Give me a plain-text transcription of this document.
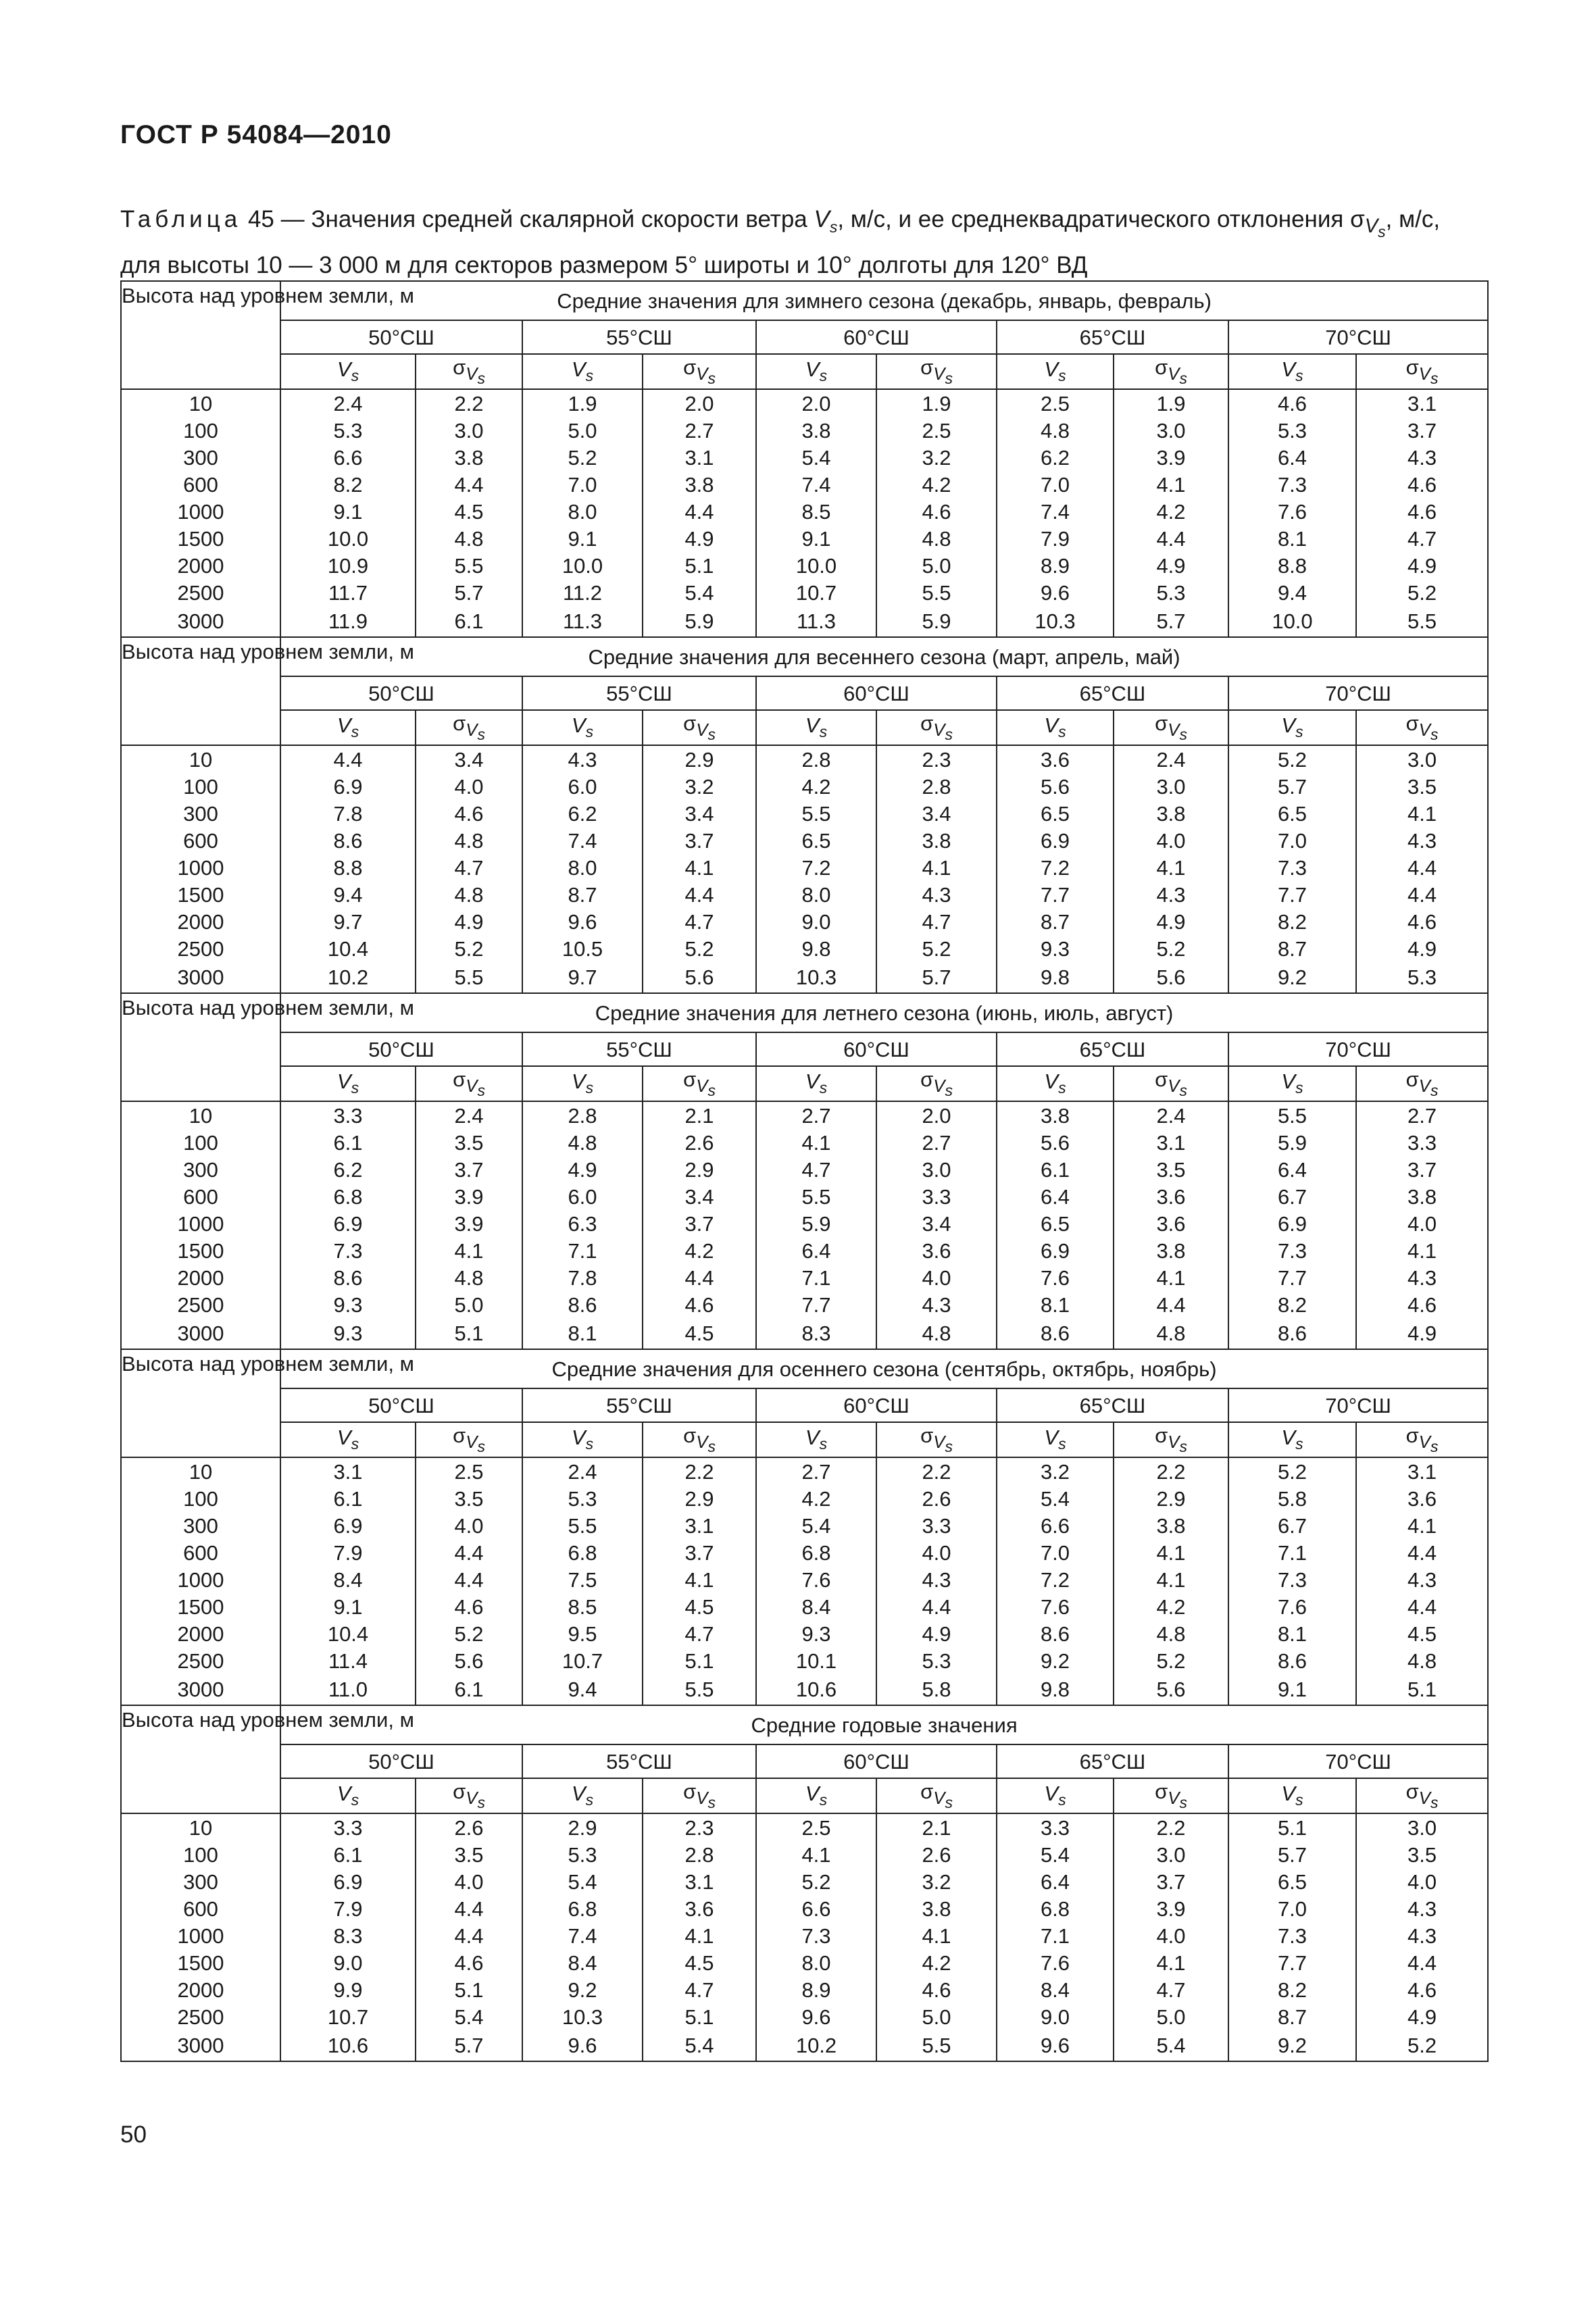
ГОСТ Р 54084—2010
Таблица 45 — Значения средней скалярной скорости ветра $V_s$, м/с, и ее среднеквадратического отклонения $\sigma_{V_s}$, м/с, для высоты 10 — 3 000 м для секторов размером 5° широты и 10° долготы для 120° ВД
Высота над уровнем земли, м	Средние значения для зимнего сезона (декабрь, январь, февраль)									
	50°СШ		55°СШ		60°СШ		65°СШ		70°СШ	
	$V_s$	$\sigma_{V_s}$	$V_s$	$\sigma_{V_s}$	$V_s$	$\sigma_{V_s}$	$V_s$	$\sigma_{V_s}$	$V_s$	$\sigma_{V_s}$
10	2.4	2.2	1.9	2.0	2.0	1.9	2.5	1.9	4.6	3.1
100	5.3	3.0	5.0	2.7	3.8	2.5	4.8	3.0	5.3	3.7
300	6.6	3.8	5.2	3.1	5.4	3.2	6.2	3.9	6.4	4.3
600	8.2	4.4	7.0	3.8	7.4	4.2	7.0	4.1	7.3	4.6
1000	9.1	4.5	8.0	4.4	8.5	4.6	7.4	4.2	7.6	4.6
1500	10.0	4.8	9.1	4.9	9.1	4.8	7.9	4.4	8.1	4.7
2000	10.9	5.5	10.0	5.1	10.0	5.0	8.9	4.9	8.8	4.9
2500	11.7	5.7	11.2	5.4	10.7	5.5	9.6	5.3	9.4	5.2
3000	11.9	6.1	11.3	5.9	11.3	5.9	10.3	5.7	10.0	5.5
Высота над уровнем земли, м	Средние значения для весеннего сезона (март, апрель, май)									
	50°СШ		55°СШ		60°СШ		65°СШ		70°СШ	
	$V_s$	$\sigma_{V_s}$	$V_s$	$\sigma_{V_s}$	$V_s$	$\sigma_{V_s}$	$V_s$	$\sigma_{V_s}$	$V_s$	$\sigma_{V_s}$
10	4.4	3.4	4.3	2.9	2.8	2.3	3.6	2.4	5.2	3.0
100	6.9	4.0	6.0	3.2	4.2	2.8	5.6	3.0	5.7	3.5
300	7.8	4.6	6.2	3.4	5.5	3.4	6.5	3.8	6.5	4.1
600	8.6	4.8	7.4	3.7	6.5	3.8	6.9	4.0	7.0	4.3
1000	8.8	4.7	8.0	4.1	7.2	4.1	7.2	4.1	7.3	4.4
1500	9.4	4.8	8.7	4.4	8.0	4.3	7.7	4.3	7.7	4.4
2000	9.7	4.9	9.6	4.7	9.0	4.7	8.7	4.9	8.2	4.6
2500	10.4	5.2	10.5	5.2	9.8	5.2	9.3	5.2	8.7	4.9
3000	10.2	5.5	9.7	5.6	10.3	5.7	9.8	5.6	9.2	5.3
Высота над уровнем земли, м	Средние значения для летнего сезона (июнь, июль, август)									
	50°СШ		55°СШ		60°СШ		65°СШ		70°СШ	
	$V_s$	$\sigma_{V_s}$	$V_s$	$\sigma_{V_s}$	$V_s$	$\sigma_{V_s}$	$V_s$	$\sigma_{V_s}$	$V_s$	$\sigma_{V_s}$
10	3.3	2.4	2.8	2.1	2.7	2.0	3.8	2.4	5.5	2.7
100	6.1	3.5	4.8	2.6	4.1	2.7	5.6	3.1	5.9	3.3
300	6.2	3.7	4.9	2.9	4.7	3.0	6.1	3.5	6.4	3.7
600	6.8	3.9	6.0	3.4	5.5	3.3	6.4	3.6	6.7	3.8
1000	6.9	3.9	6.3	3.7	5.9	3.4	6.5	3.6	6.9	4.0
1500	7.3	4.1	7.1	4.2	6.4	3.6	6.9	3.8	7.3	4.1
2000	8.6	4.8	7.8	4.4	7.1	4.0	7.6	4.1	7.7	4.3
2500	9.3	5.0	8.6	4.6	7.7	4.3	8.1	4.4	8.2	4.6
3000	9.3	5.1	8.1	4.5	8.3	4.8	8.6	4.8	8.6	4.9
Высота над уровнем земли, м	Средние значения для осеннего сезона (сентябрь, октябрь, ноябрь)									
	50°СШ		55°СШ		60°СШ		65°СШ		70°СШ	
	$V_s$	$\sigma_{V_s}$	$V_s$	$\sigma_{V_s}$	$V_s$	$\sigma_{V_s}$	$V_s$	$\sigma_{V_s}$	$V_s$	$\sigma_{V_s}$
10	3.1	2.5	2.4	2.2	2.7	2.2	3.2	2.2	5.2	3.1
100	6.1	3.5	5.3	2.9	4.2	2.6	5.4	2.9	5.8	3.6
300	6.9	4.0	5.5	3.1	5.4	3.3	6.6	3.8	6.7	4.1
600	7.9	4.4	6.8	3.7	6.8	4.0	7.0	4.1	7.1	4.4
1000	8.4	4.4	7.5	4.1	7.6	4.3	7.2	4.1	7.3	4.3
1500	9.1	4.6	8.5	4.5	8.4	4.4	7.6	4.2	7.6	4.4
2000	10.4	5.2	9.5	4.7	9.3	4.9	8.6	4.8	8.1	4.5
2500	11.4	5.6	10.7	5.1	10.1	5.3	9.2	5.2	8.6	4.8
3000	11.0	6.1	9.4	5.5	10.6	5.8	9.8	5.6	9.1	5.1
Высота над уровнем земли, м	Средние годовые значения									
	50°СШ		55°СШ		60°СШ		65°СШ		70°СШ	
	$V_s$	$\sigma_{V_s}$	$V_s$	$\sigma_{V_s}$	$V_s$	$\sigma_{V_s}$	$V_s$	$\sigma_{V_s}$	$V_s$	$\sigma_{V_s}$
10	3.3	2.6	2.9	2.3	2.5	2.1	3.3	2.2	5.1	3.0
100	6.1	3.5	5.3	2.8	4.1	2.6	5.4	3.0	5.7	3.5
300	6.9	4.0	5.4	3.1	5.2	3.2	6.4	3.7	6.5	4.0
600	7.9	4.4	6.8	3.6	6.6	3.8	6.8	3.9	7.0	4.3
1000	8.3	4.4	7.4	4.1	7.3	4.1	7.1	4.0	7.3	4.3
1500	9.0	4.6	8.4	4.5	8.0	4.2	7.6	4.1	7.7	4.4
2000	9.9	5.1	9.2	4.7	8.9	4.6	8.4	4.7	8.2	4.6
2500	10.7	5.4	10.3	5.1	9.6	5.0	9.0	5.0	8.7	4.9
3000	10.6	5.7	9.6	5.4	10.2	5.5	9.6	5.4	9.2	5.2
50
